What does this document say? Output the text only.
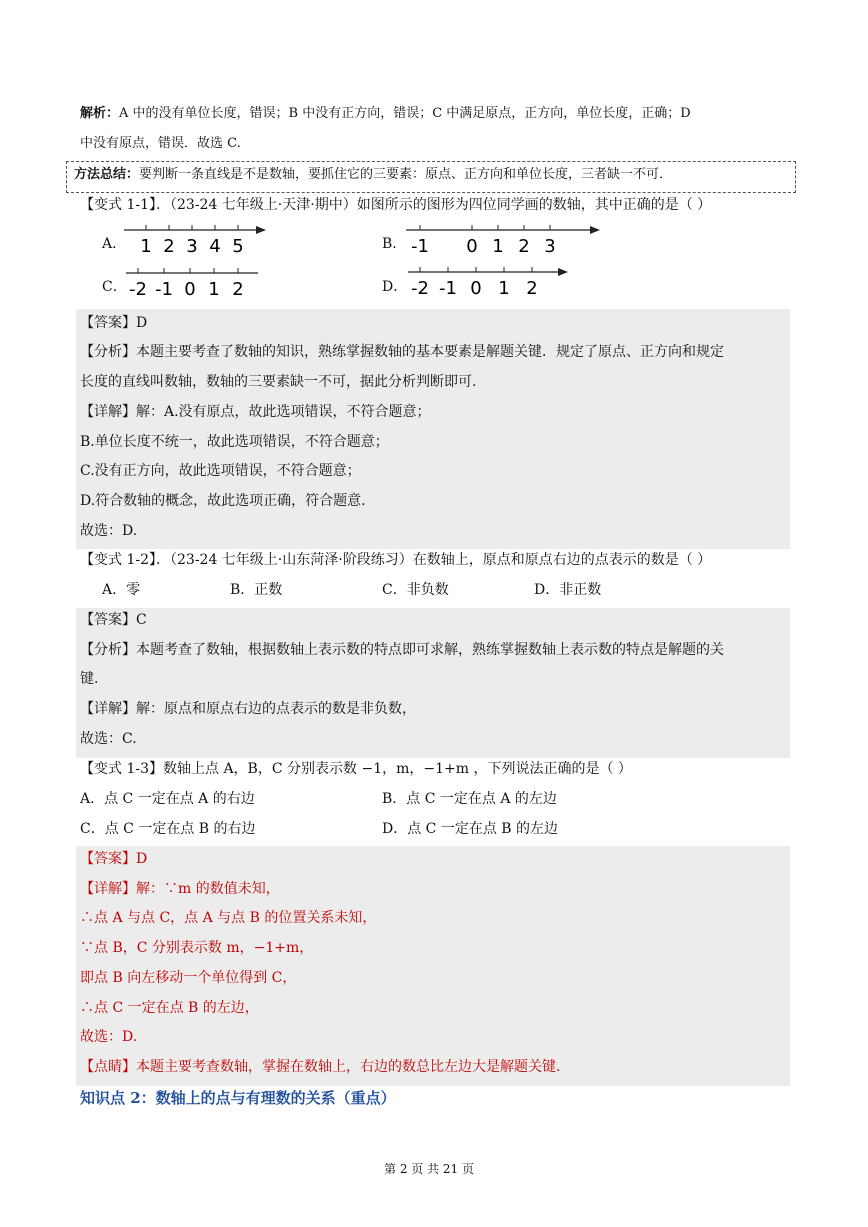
解析：A 中的没有单位长度，错误；B 中没有正方向，错误；C 中满足原点，正方向，单位长度，正确；D
中没有原点，错误．故选 C.
方法总结：要判断一条直线是不是数轴，要抓住它的三要素：原点、正方向和单位长度，三者缺一不可．
【变式 1-1】．（23-24 七年级上·天津·期中）如图所示的图形为四位同学画的数轴，其中正确的是（ ）
A．	B．
C．	D．
1 2 3 4 5	-1 0 1 2 3
-2 -1 0 1 2	-2 -1 0 1 2
【答案】D
【分析】本题主要考查了数轴的知识，熟练掌握数轴的基本要素是解题关键．规定了原点、正方向和规定
长度的直线叫数轴，数轴的三要素缺一不可，据此分析判断即可.
【详解】解：A.没有原点，故此选项错误，不符合题意；
B.单位长度不统一，故此选项错误，不符合题意；
C.没有正方向，故此选项错误，不符合题意；
D.符合数轴的概念，故此选项正确，符合题意.
故选：D.
【变式 1-2】．（23-24 七年级上·山东菏泽·阶段练习）在数轴上，原点和原点右边的点表示的数是（ ）
A．零	B．正数	C．非负数	D．非正数
【答案】C
【分析】本题考查了数轴，根据数轴上表示数的特点即可求解，熟练掌握数轴上表示数的特点是解题的关
键.
【详解】解：原点和原点右边的点表示的数是非负数，
故选：C.
【变式 1-3】数轴上点 A，B，C 分别表示数 −1，m，−1+m ，下列说法正确的是（ ）
A．点 C 一定在点 A 的右边	B．点 C 一定在点 A 的左边
C．点 C 一定在点 B 的右边	D．点 C 一定在点 B 的左边
【答案】D
【详解】解：∵m 的数值未知，
∴点 A 与点 C，点 A 与点 B 的位置关系未知，
∵点 B，C 分别表示数 m，−1+m，
即点 B 向左移动一个单位得到 C，
∴点 C 一定在点 B 的左边，
故选：D.
【点睛】本题主要考查数轴，掌握在数轴上，右边的数总比左边大是解题关键.
知识点 2：数轴上的点与有理数的关系（重点）
第 2 页 共 21 页
